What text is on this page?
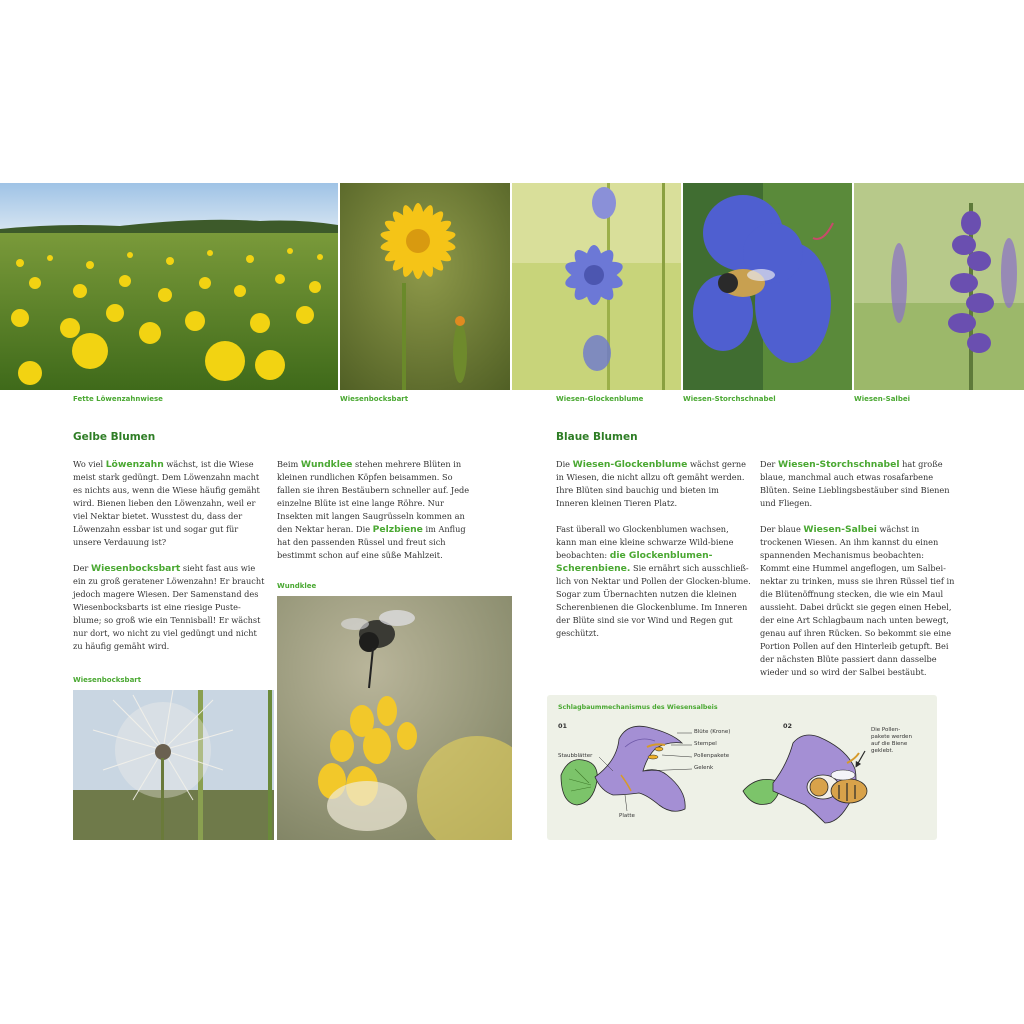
Fette Löwenzahnwiese	Wiesenbocksbart	Wiesen-Glockenblume	Wiesen-Storchschnabel	Wiesen-Salbei
Gelbe Blumen

Wo viel Löwenzahn wächst, ist die Wiese meist stark gedüngt. Dem Löwenzahn macht es nichts aus, wenn die Wiese häufig gemäht wird. Bienen lieben den Löwenzahn, weil er viel Nektar bietet. Wusstest du, dass der Löwenzahn essbar ist und sogar gut für unsere Verdauung ist?

Der Wiesenbocksbart sieht fast aus wie ein zu groß geratener Löwenzahn! Er braucht jedoch magere Wiesen. Der Samenstand des Wiesenbocksbarts ist eine riesige Puste-blume; so groß wie ein Tennisball! Er wächst nur dort, wo nicht zu viel gedüngt und nicht zu häufig gemäht wird.

Beim Wundklee stehen mehrere Blüten in kleinen rundlichen Köpfen beisammen. So fallen sie ihren Bestäubern schneller auf. Jede einzelne Blüte ist eine lange Röhre. Nur Insekten mit langen Saugrüsseln kommen an den Nektar heran. Die Pelzbiene im Anflug hat den passenden Rüssel und freut sich bestimmt schon auf eine süße Mahlzeit.

Wundklee
Wiesenbocksbart
Blaue Blumen

Die Wiesen-Glockenblume wächst gerne in Wiesen, die nicht allzu oft gemäht werden. Ihre Blüten sind bauchig und bieten im Inneren kleinen Tieren Platz.

Fast überall wo Glockenblumen wachsen, kann man eine kleine schwarze Wild-biene beobachten: die Glockenblumen-Scherenbiene. Sie ernährt sich ausschließ-lich von Nektar und Pollen der Glocken-blume. Sogar zum Übernachten nutzen die kleinen Scherenbienen die Glockenblume. Im Inneren der Blüte sind sie vor Wind und Regen gut geschützt.

Der Wiesen-Storchschnabel hat große blaue, manchmal auch etwas rosafarbene Blüten. Seine Lieblingsbestäuber sind Bienen und Fliegen.

Der blaue Wiesen-Salbei wächst in trockenen Wiesen. An ihm kannst du einen spannenden Mechanismus beobachten: Kommt eine Hummel angeflogen, um Salbei-nektar zu trinken, muss sie ihren Rüssel tief in die Blütenöffnung stecken, die wie ein Maul aussieht. Dabei drückt sie gegen einen Hebel, der eine Art Schlagbaum nach unten bewegt, genau auf ihren Rücken. So bekommt sie eine Portion Pollen auf den Hinterleib getupft. Bei der nächsten Blüte passiert dann dasselbe wieder und so wird der Salbei bestäubt.

Schlagbaummechanismus des Wiesensalbeis
01	02
Blüte (Krone)
Stempel
Pollenpakete
Gelenk
Staubblätter
Platte
Die Pollen-
pakete werden
auf die Biene
geklebt.
